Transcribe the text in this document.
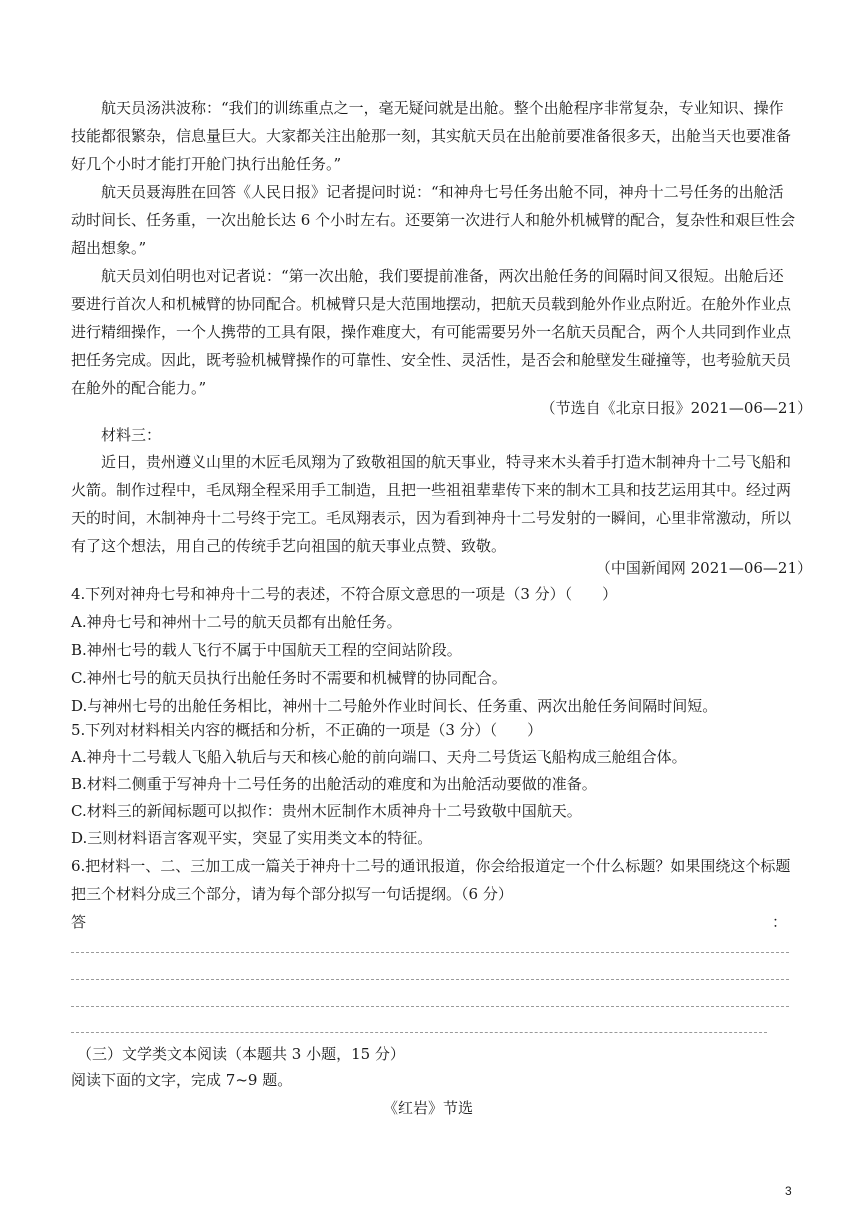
航天员汤洪波称：“我们的训练重点之一，毫无疑问就是出舱。整个出舱程序非常复杂，专业知识、操作
技能都很繁杂，信息量巨大。大家都关注出舱那一刻，其实航天员在出舱前要准备很多天，出舱当天也要准备
好几个小时才能打开舱门执行出舱任务。”
航天员聂海胜在回答《人民日报》记者提问时说：“和神舟七号任务出舱不同，神舟十二号任务的出舱活
动时间长、任务重，一次出舱长达 6 个小时左右。还要第一次进行人和舱外机械臂的配合，复杂性和艰巨性会
超出想象。”
航天员刘伯明也对记者说：“第一次出舱，我们要提前准备，两次出舱任务的间隔时间又很短。出舱后还
要进行首次人和机械臂的协同配合。机械臂只是大范围地摆动，把航天员载到舱外作业点附近。在舱外作业点
进行精细操作，一个人携带的工具有限，操作难度大，有可能需要另外一名航天员配合，两个人共同到作业点
把任务完成。因此，既考验机械臂操作的可靠性、安全性、灵活性，是否会和舱壁发生碰撞等，也考验航天员
在舱外的配合能力。”
（节选自《北京日报》2021—06—21）
材料三：
近日，贵州遵义山里的木匠毛凤翔为了致敬祖国的航天事业，特寻来木头着手打造木制神舟十二号飞船和
火箭。制作过程中，毛凤翔全程采用手工制造，且把一些祖祖辈辈传下来的制木工具和技艺运用其中。经过两
天的时间，木制神舟十二号终于完工。毛凤翔表示，因为看到神舟十二号发射的一瞬间，心里非常激动，所以
有了这个想法，用自己的传统手艺向祖国的航天事业点赞、致敬。
（中国新闻网 2021—06—21）
4.下列对神舟七号和神舟十二号的表述，不符合原文意思的一项是（3 分）（　　）
A.神舟七号和神州十二号的航天员都有出舱任务。
B.神州七号的载人飞行不属于中国航天工程的空间站阶段。
C.神州七号的航天员执行出舱任务时不需要和机械臂的协同配合。
D.与神州七号的出舱任务相比，神州十二号舱外作业时间长、任务重、两次出舱任务间隔时间短。
5.下列对材料相关内容的概括和分析，不正确的一项是（3 分）（　　）
A.神舟十二号载人飞船入轨后与天和核心舱的前向端口、天舟二号货运飞船构成三舱组合体。
B.材料二侧重于写神舟十二号任务的出舱活动的难度和为出舱活动要做的准备。
C.材料三的新闻标题可以拟作：贵州木匠制作木质神舟十二号致敬中国航天。
D.三则材料语言客观平实，突显了实用类文本的特征。
6.把材料一、二、三加工成一篇关于神舟十二号的通讯报道，你会给报道定一个什么标题？如果围绕这个标题
把三个材料分成三个部分，请为每个部分拟写一句话提纲。（6 分）
答	：
（三）文学类文本阅读（本题共 3 小题，15 分）
阅读下面的文字，完成 7~9 题。
《红岩》节选
3
